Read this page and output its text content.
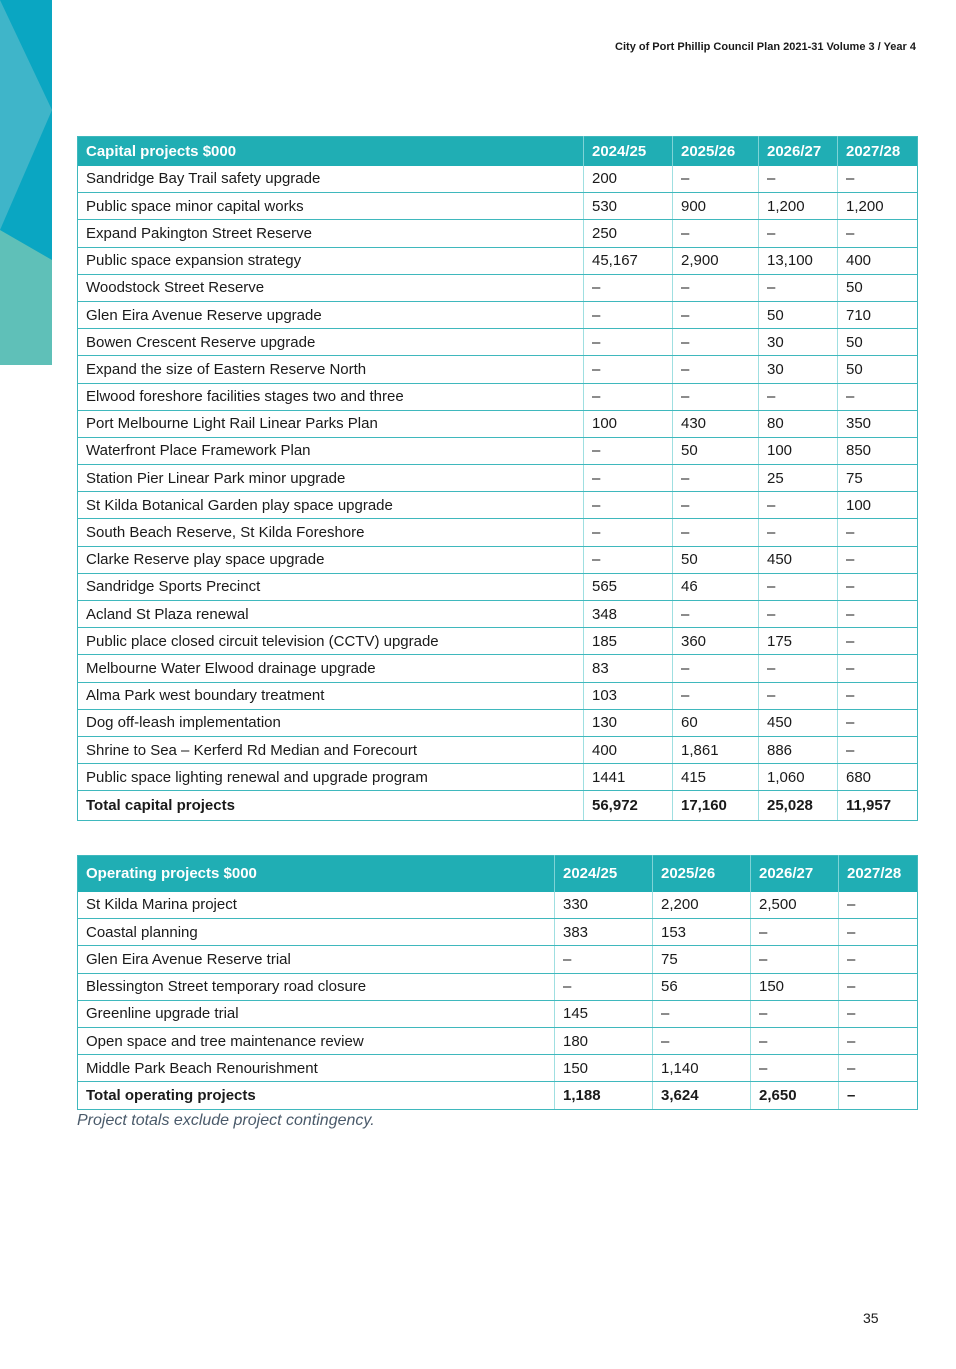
City of Port Phillip Council Plan 2021-31 Volume 3 / Year 4
Capital projects $000	2024/25	2025/26	2026/27	2027/28
Sandridge Bay Trail safety upgrade	200	–	–	–
Public space minor capital works	530	900	1,200	1,200
Expand Pakington Street Reserve	250	–	–	–
Public space expansion strategy	45,167	2,900	13,100	400
Woodstock Street Reserve	–	–	–	50
Glen Eira Avenue Reserve upgrade	–	–	50	710
Bowen Crescent Reserve upgrade	–	–	30	50
Expand the size of Eastern Reserve North	–	–	30	50
Elwood foreshore facilities stages two and three	–	–	–	–
Port Melbourne Light Rail Linear Parks Plan	100	430	80	350
Waterfront Place Framework Plan	–	50	100	850
Station Pier Linear Park minor upgrade	–	–	25	75
St Kilda Botanical Garden play space upgrade	–	–	–	100
South Beach Reserve, St Kilda Foreshore	–	–	–	–
Clarke Reserve play space upgrade	–	50	450	–
Sandridge Sports Precinct	565	46	–	–
Acland St Plaza renewal	348	–	–	–
Public place closed circuit television (CCTV) upgrade	185	360	175	–
Melbourne Water Elwood drainage upgrade	83	–	–	–
Alma Park west boundary treatment	103	–	–	–
Dog off-leash implementation	130	60	450	–
Shrine to Sea – Kerferd Rd Median and Forecourt	400	1,861	886	–
Public space lighting renewal and upgrade program	1441	415	1,060	680
Total capital projects	56,972	17,160	25,028	11,957
Operating projects $000	2024/25	2025/26	2026/27	2027/28
St Kilda Marina project	330	2,200	2,500	–
Coastal planning	383	153	–	–
Glen Eira Avenue Reserve trial	–	75	–	–
Blessington Street temporary road closure	–	56	150	–
Greenline upgrade trial	145	–	–	–
Open space and tree maintenance review	180	–	–	–
Middle Park Beach Renourishment	150	1,140	–	–
Total operating projects	1,188	3,624	2,650	–
Project totals exclude project contingency.
35
